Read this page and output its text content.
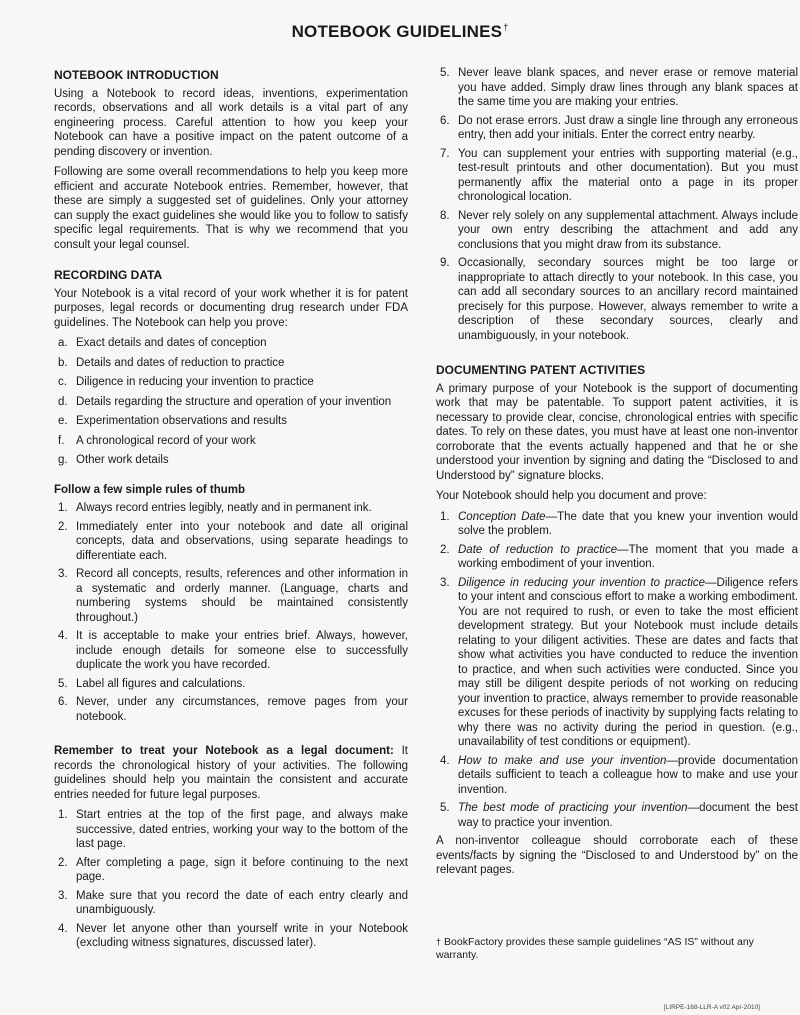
NOTEBOOK GUIDELINES†
NOTEBOOK INTRODUCTION

Using a Notebook to record ideas, inventions, experimentation records, observations and all work details is a vital part of any engineering process. Careful attention to how you keep your Notebook can have a positive impact on the patent outcome of a pending discovery or invention.

Following are some overall recommendations to help you keep more efficient and accurate Notebook entries. Remember, however, that these are simply a suggested set of guidelines. Only your attorney can supply the exact guidelines she would like you to follow to satisfy specific legal requirements. That is why we recommend that you consult your legal counsel.

RECORDING DATA

Your Notebook is a vital record of your work whether it is for patent purposes, legal records or documenting drug research under FDA guidelines. The Notebook can help you prove:

a. Exact details and dates of conception
b. Details and dates of reduction to practice
c. Diligence in reducing your invention to practice
d. Details regarding the structure and operation of your invention
e. Experimentation observations and results
f. A chronological record of your work
g. Other work details
Follow a few simple rules of thumb
1. Always record entries legibly, neatly and in permanent ink.
2. Immediately enter into your notebook and date all original concepts, data and observations, using separate headings to differentiate each.
3. Record all concepts, results, references and other information in a systematic and orderly manner. (Language, charts and numbering systems should be maintained consistently throughout.)
4. It is acceptable to make your entries brief. Always, however, include enough details for someone else to successfully duplicate the work you have recorded.
5. Label all figures and calculations.
6. Never, under any circumstances, remove pages from your notebook.

Remember to treat your Notebook as a legal document: It records the chronological history of your activities. The following guidelines should help you maintain the consistent and accurate entries needed for future legal purposes.

1. Start entries at the top of the first page, and always make successive, dated entries, working your way to the bottom of the last page.
2. After completing a page, sign it before continuing to the next page.
3. Make sure that you record the date of each entry clearly and unambiguously.
4. Never let anyone other than yourself write in your Notebook (excluding witness signatures, discussed later).
5. Never leave blank spaces, and never erase or remove material you have added. Simply draw lines through any blank spaces at the same time you are making your entries.
6. Do not erase errors. Just draw a single line through any erroneous entry, then add your initials. Enter the correct entry nearby.
7. You can supplement your entries with supporting material (e.g., test-result printouts and other documentation). But you must permanently affix the material onto a page in its proper chronological location.
8. Never rely solely on any supplemental attachment. Always include your own entry describing the attachment and add any conclusions that you might draw from its substance.
9. Occasionally, secondary sources might be too large or inappropriate to attach directly to your notebook. In this case, you can add all secondary sources to an ancillary record maintained precisely for this purpose. However, always remember to write a description of these secondary sources, clearly and unambiguously, in your notebook.
DOCUMENTING PATENT ACTIVITIES

A primary purpose of your Notebook is the support of documenting work that may be patentable. To support patent activities, it is necessary to provide clear, concise, chronological entries with specific dates. To rely on these dates, you must have at least one non-inventor corroborate that the events actually happened and that he or she understood your invention by signing and dating the “Disclosed to and Understood by” signature blocks.

Your Notebook should help you document and prove:

1. Conception Date—The date that you knew your invention would solve the problem.
2. Date of reduction to practice—The moment that you made a working embodiment of your invention.
3. Diligence in reducing your invention to practice—Diligence refers to your intent and conscious effort to make a working embodiment. You are not required to rush, or even to take the most efficient development strategy. But your Notebook must include details relating to your diligent activities. These are dates and facts that show what activities you have conducted to reduce the invention to practice, and when such activities were conducted. Since you may still be diligent despite periods of not working on reducing your invention to practice, always remember to provide reasonable excuses for these periods of inactivity by supplying facts relating to why there was no activity during the period in question. (e.g., unavailability of test conditions or equipment).
4. How to make and use your invention—provide documentation details sufficient to teach a colleague how to make and use your invention.
5. The best mode of practicing your invention—document the best way to practice your invention.

A non-inventor colleague should corroborate each of these events/facts by signing the “Disclosed to and Understood by” on the relevant pages.

† BookFactory provides these sample guidelines “AS IS” without any warranty.
[LIRPE-168-LLR-A v02 Apr-2010]
